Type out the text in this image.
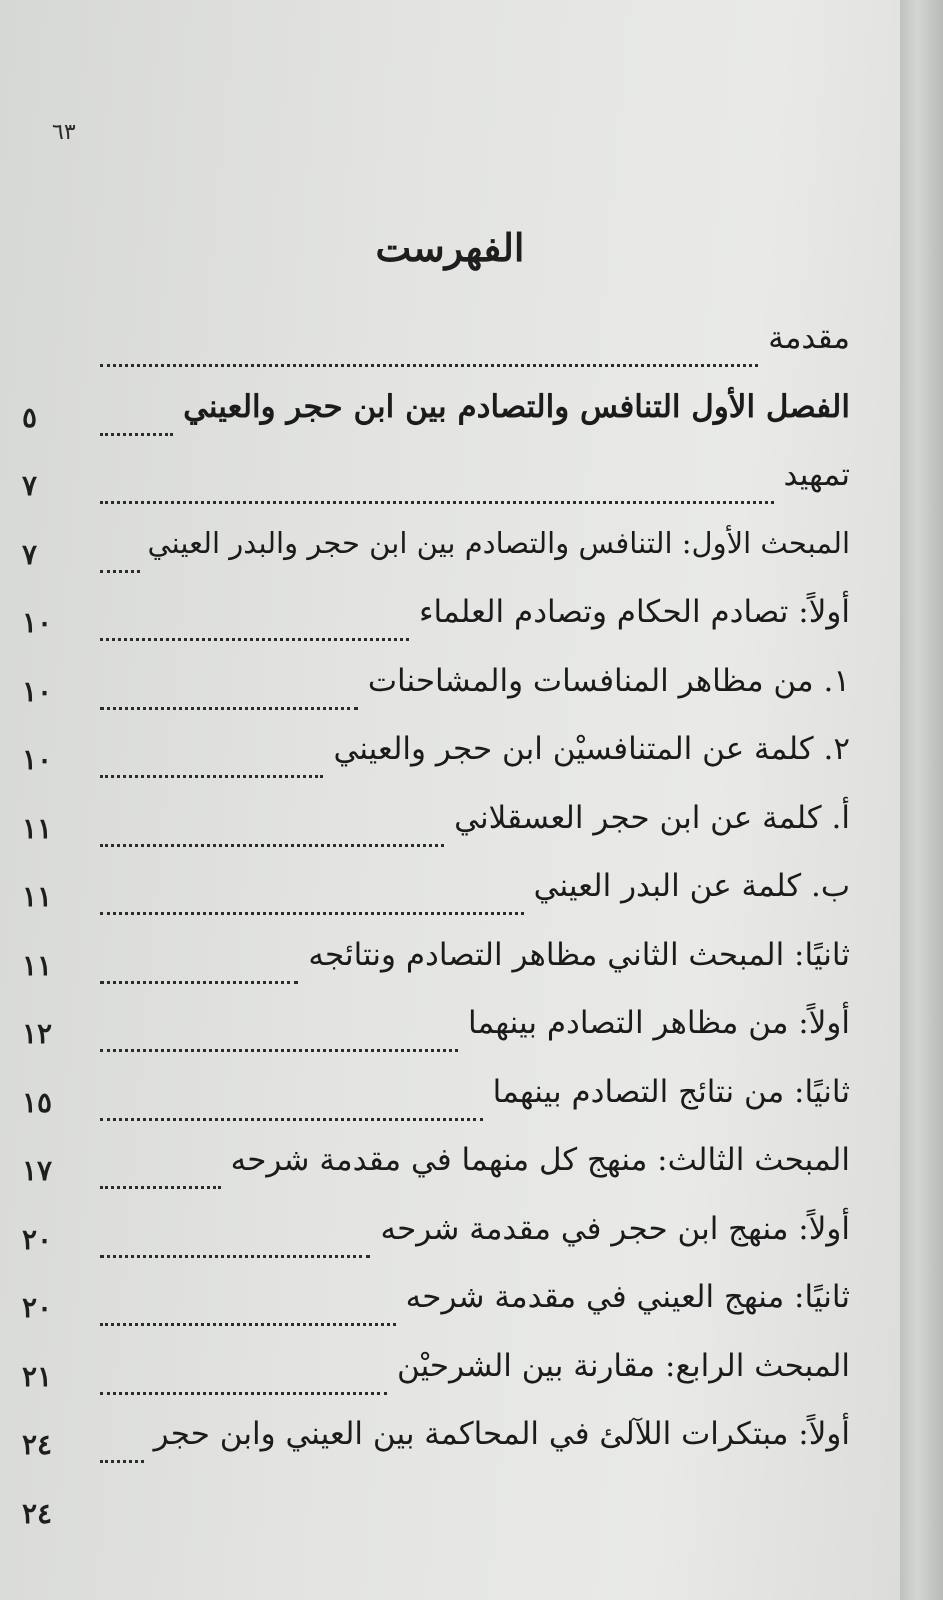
٦٣
الفهرست
مقدمة
الفصل الأول التنافس والتصادم بين ابن حجر والعيني
٥
تمهيد
٧
المبحث الأول: التنافس والتصادم بين ابن حجر والبدر العيني
٧
أولاً: تصادم الحكام وتصادم العلماء
١٠
١. من مظاهر المنافسات والمشاحنات
١٠
٢. كلمة عن المتنافسيْن ابن حجر والعيني
١٠
أ. كلمة عن ابن حجر العسقلاني
١١
ب. كلمة عن البدر العيني
١١
ثانيًا: المبحث الثاني مظاهر التصادم ونتائجه
١١
أولاً: من مظاهر التصادم بينهما
١٢
ثانيًا: من نتائج التصادم بينهما
١٥
المبحث الثالث: منهج كل منهما في مقدمة شرحه
١٧
أولاً: منهج ابن حجر في مقدمة شرحه
٢٠
ثانيًا: منهج العيني في مقدمة شرحه
٢٠
المبحث الرابع: مقارنة بين الشرحيْن
٢١
أولاً: مبتكرات اللآلئ في المحاكمة بين العيني وابن حجر
٢٤
٢٤
